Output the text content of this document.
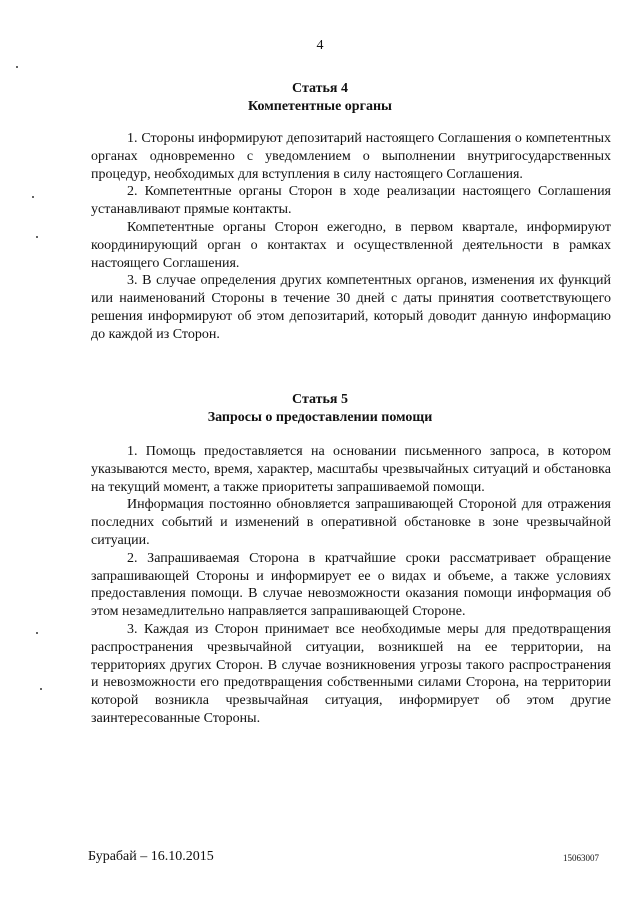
4
Статья 4
Компетентные органы

1. Стороны информируют депозитарий настоящего Соглашения о компетентных органах одновременно с уведомлением о выполнении внутригосударственных процедур, необходимых для вступления в силу настоящего Соглашения.

2. Компетентные органы Сторон в ходе реализации настоящего Соглашения устанавливают прямые контакты.

Компетентные органы Сторон ежегодно, в первом квартале, информируют координирующий орган о контактах и осуществленной деятельности в рамках настоящего Соглашения.

3. В случае определения других компетентных органов, изменения их функций или наименований Стороны в течение 30 дней с даты принятия соответствующего решения информируют об этом депозитарий, который доводит данную информацию до каждой из Сторон.

Статья 5
Запросы о предоставлении помощи

1. Помощь предоставляется на основании письменного запроса, в котором указываются место, время, характер, масштабы чрезвычайных ситуаций и обстановка на текущий момент, а также приоритеты запрашиваемой помощи.

Информация постоянно обновляется запрашивающей Стороной для отражения последних событий и изменений в оперативной обстановке в зоне чрезвычайной ситуации.

2. Запрашиваемая Сторона в кратчайшие сроки рассматривает обращение запрашивающей Стороны и информирует ее о видах и объеме, а также условиях предоставления помощи. В случае невозможности оказания помощи информация об этом незамедлительно направляется запрашивающей Стороне.

3. Каждая из Сторон принимает все необходимые меры для предотвращения распространения чрезвычайной ситуации, возникшей на ее территории, на территориях других Сторон. В случае возникновения угрозы такого распространения и невозможности его предотвращения собственными силами Сторона, на территории которой возникла чрезвычайная ситуация, информирует об этом другие заинтересованные Стороны.

Бурабай – 16.10.2015	15063007
